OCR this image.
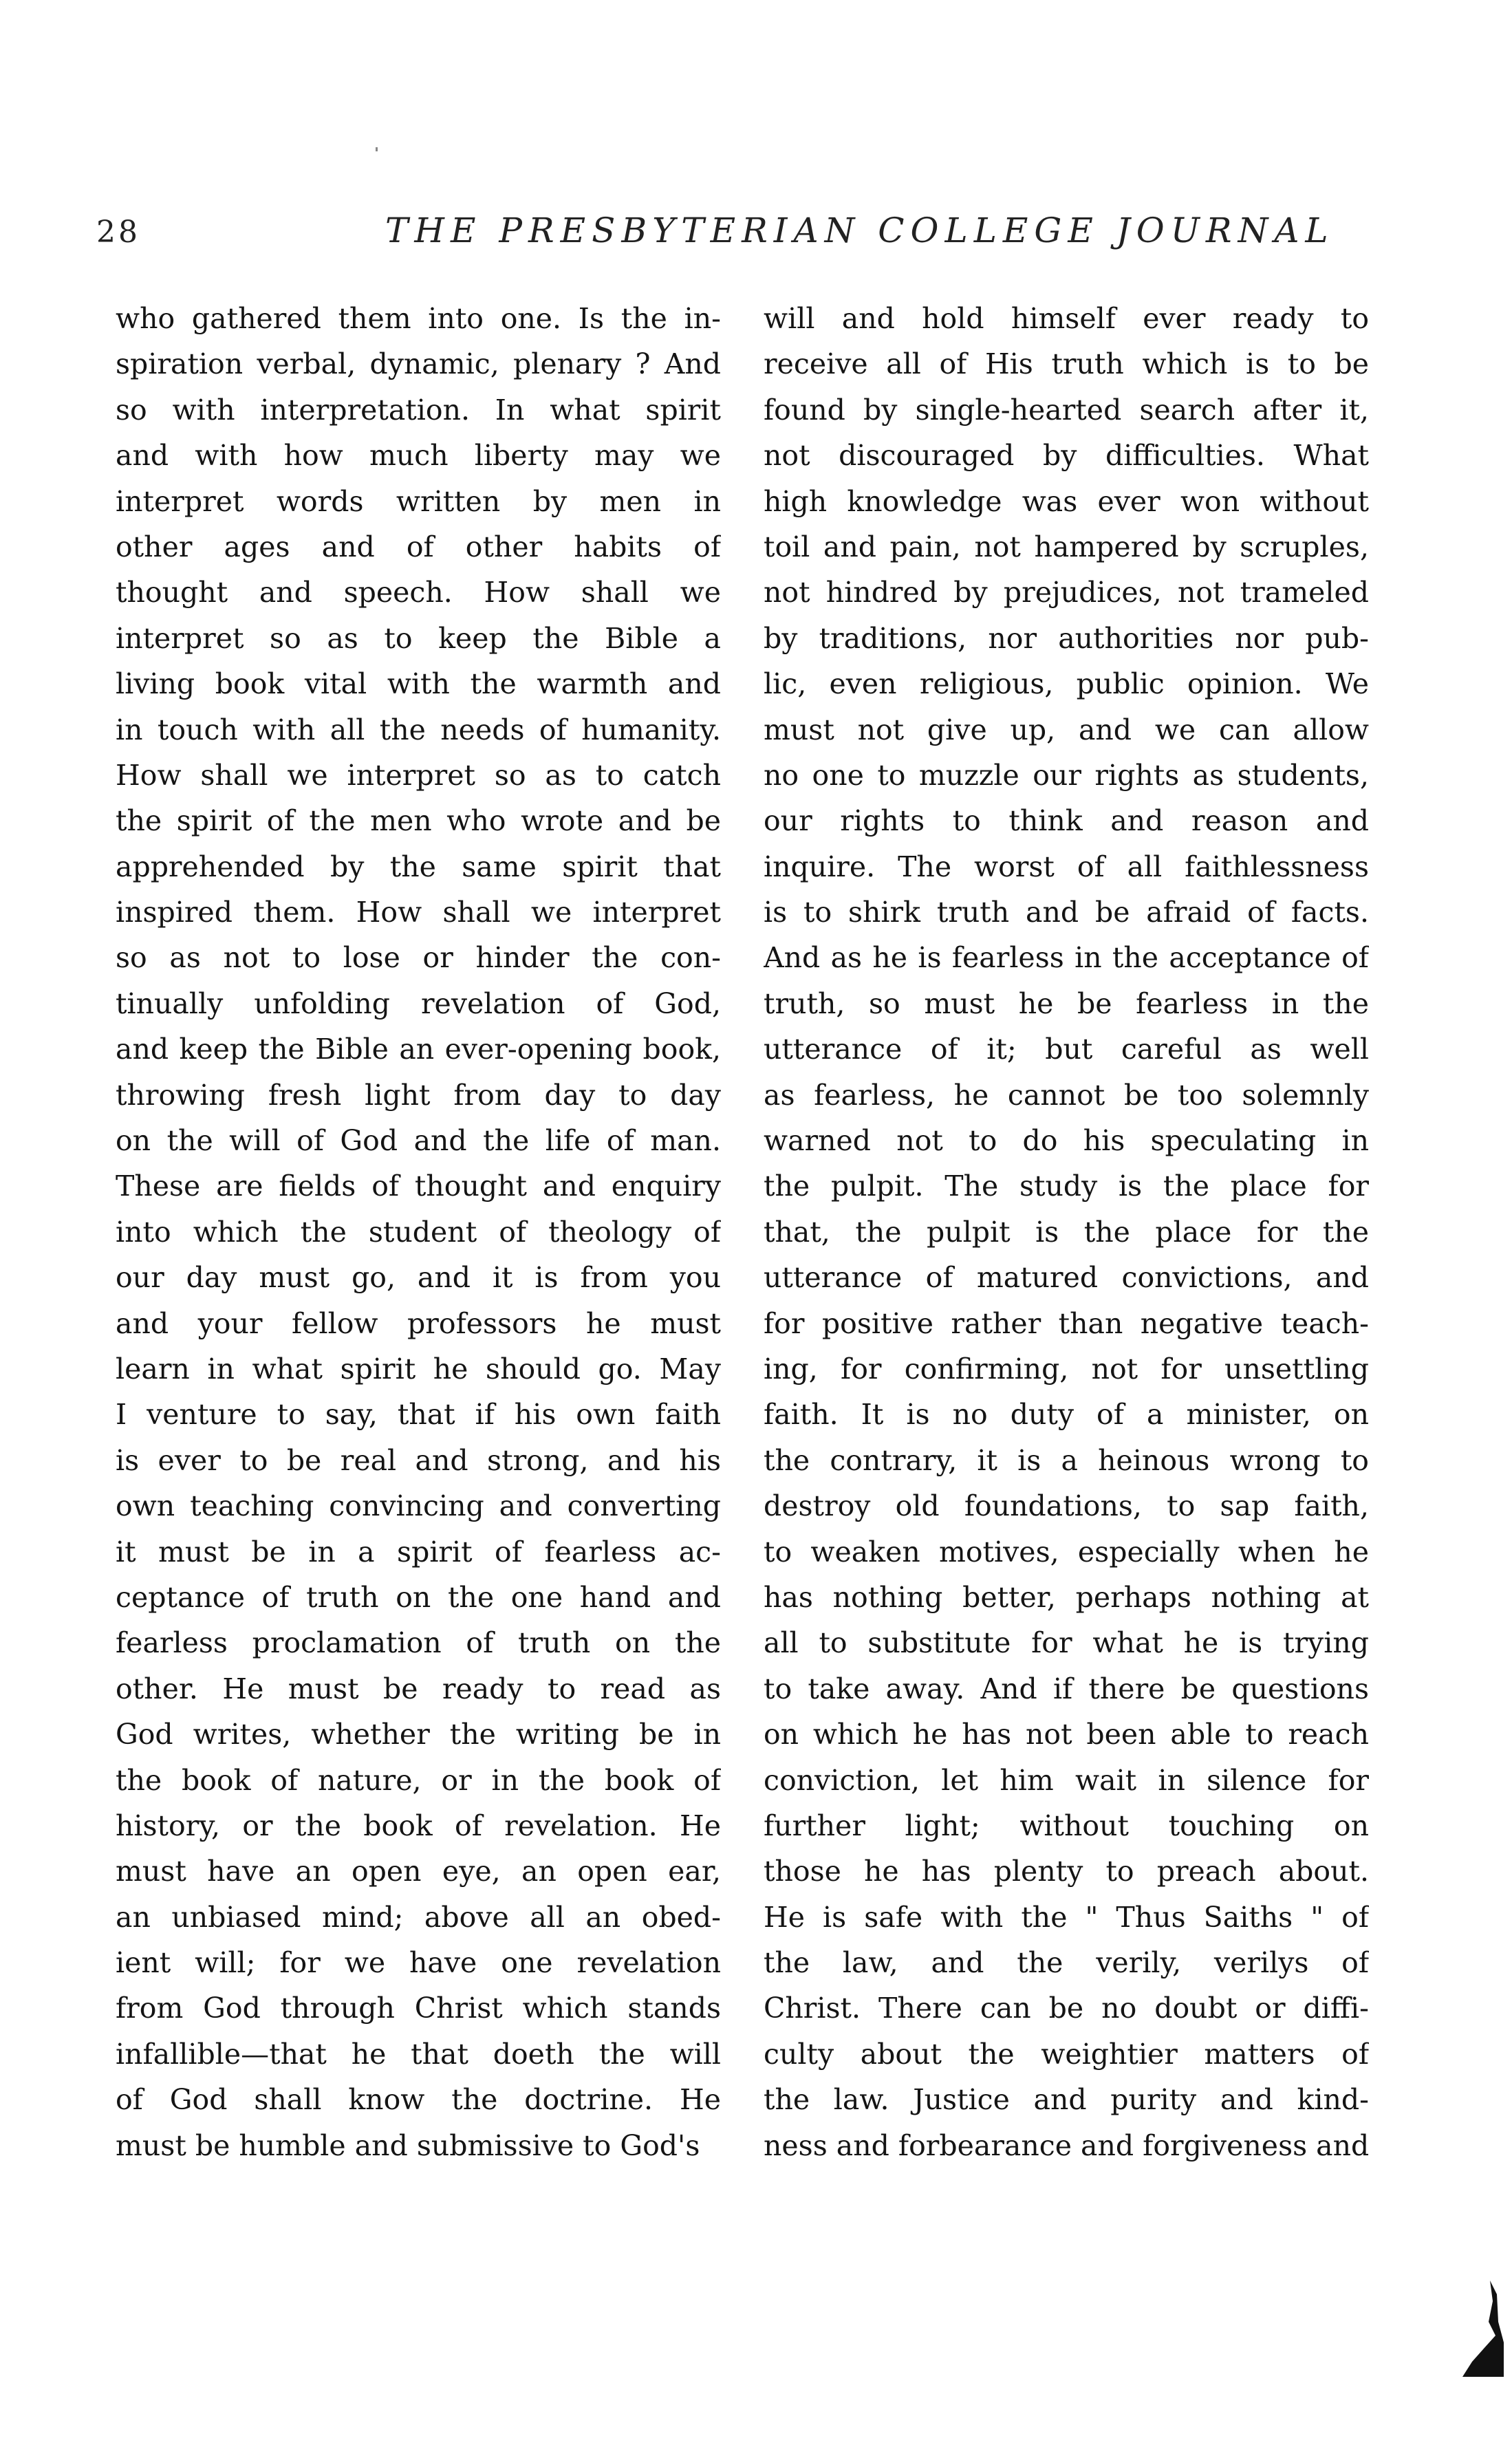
28	THE PRESBYTERIAN COLLEGE JOURNAL
who gathered them into one. Is the in-
spiration verbal, dynamic, plenary ? And
so with interpretation. In what spirit
and with how much liberty may we
interpret words written by men in
other ages and of other habits of
thought and speech. How shall we
interpret so as to keep the Bible a
living book vital with the warmth and
in touch with all the needs of humanity.
How shall we interpret so as to catch
the spirit of the men who wrote and be
apprehended by the same spirit that
inspired them. How shall we interpret
so as not to lose or hinder the con-
tinually unfolding revelation of God,
and keep the Bible an ever-opening book,
throwing fresh light from day to day
on the will of God and the life of man.
These are fields of thought and enquiry
into which the student of theology of
our day must go, and it is from you
and your fellow professors he must
learn in what spirit he should go. May
I venture to say, that if his own faith
is ever to be real and strong, and his
own teaching convincing and converting
it must be in a spirit of fearless ac-
ceptance of truth on the one hand and
fearless proclamation of truth on the
other. He must be ready to read as
God writes, whether the writing be in
the book of nature, or in the book of
history, or the book of revelation. He
must have an open eye, an open ear,
an unbiased mind; above all an obed-
ient will; for we have one revelation
from God through Christ which stands
infallible—that he that doeth the will
of God shall know the doctrine. He
must be humble and submissive to God's
will and hold himself ever ready to
receive all of His truth which is to be
found by single-hearted search after it,
not discouraged by difficulties. What
high knowledge was ever won without
toil and pain, not hampered by scruples,
not hindred by prejudices, not trameled
by traditions, nor authorities nor pub-
lic, even religious, public opinion. We
must not give up, and we can allow
no one to muzzle our rights as students,
our rights to think and reason and
inquire. The worst of all faithlessness
is to shirk truth and be afraid of facts.
And as he is fearless in the acceptance of
truth, so must he be fearless in the
utterance of it; but careful as well
as fearless, he cannot be too solemnly
warned not to do his speculating in
the pulpit. The study is the place for
that, the pulpit is the place for the
utterance of matured convictions, and
for positive rather than negative teach-
ing, for confirming, not for unsettling
faith. It is no duty of a minister, on
the contrary, it is a heinous wrong to
destroy old foundations, to sap faith,
to weaken motives, especially when he
has nothing better, perhaps nothing at
all to substitute for what he is trying
to take away. And if there be questions
on which he has not been able to reach
conviction, let him wait in silence for
further light; without touching on
those he has plenty to preach about.
He is safe with the " Thus Saiths " of
the law, and the verily, verilys of
Christ. There can be no doubt or diffi-
culty about the weightier matters of
the law. Justice and purity and kind-
ness and forbearance and forgiveness and
